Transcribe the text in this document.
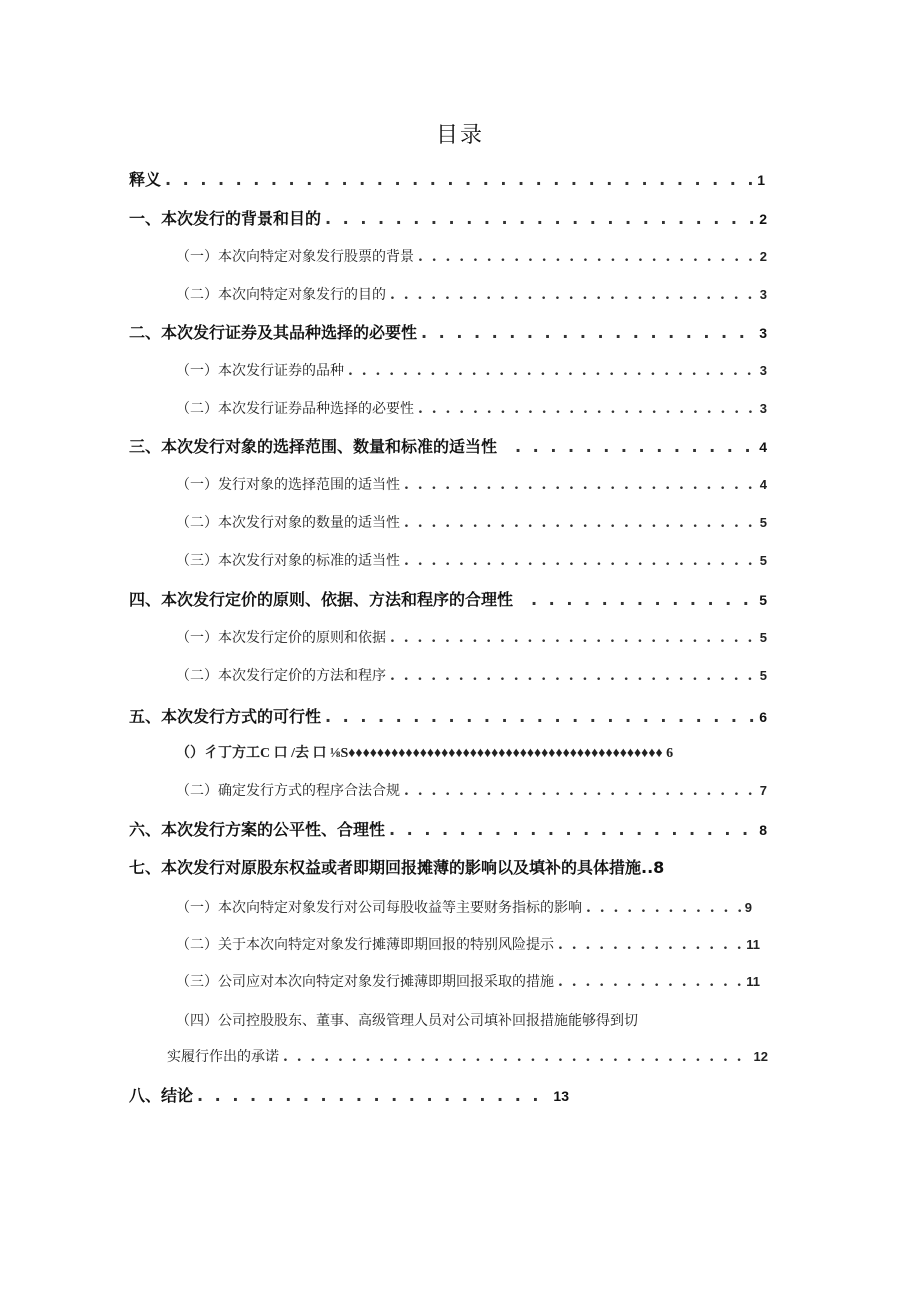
目录
释义 . . .	1
一、本次发行的背景和目的 . . .	2
（一）本次向特定对象发行股票的背景 . . .	2
（二）本次向特定对象发行的目的 . . .	3
二、本次发行证券及其品种选择的必要性 . . .	3
（一）本次发行证券的品种 . . .	3
（二）本次发行证券品种选择的必要性 . . .	3
三、本次发行对象的选择范围、数量和标准的适当性 . . .	4
（一）发行对象的选择范围的适当性 . . .	4
（二）本次发行对象的数量的适当性 . . .	5
（三）本次发行对象的标准的适当性 . . .	5
四、本次发行定价的原则、依据、方法和程序的合理性 . . .	5
（一）本次发行定价的原则和依据 . . .	5
（二）本次发行定价的方法和程序 . . .	5
五、本次发行方式的可行性 . . .	6
（）彳丁方工C 口 /去 口 ⅛S♦♦♦♦♦♦♦♦♦♦♦♦♦♦♦♦♦♦♦♦♦♦♦♦♦♦♦♦♦♦♦♦♦♦♦♦♦♦♦♦♦♦♦♦ 6
（二）确定发行方式的程序合法合规 . . .	7
六、本次发行方案的公平性、合理性 . . .	8
七、本次发行对原股东权益或者即期回报摊薄的影响以及填补的具体措施..8
（一）本次向特定对象发行对公司每股收益等主要财务指标的影响 . . .	9
（二）关于本次向特定对象发行摊薄即期回报的特别风险提示 . . .	11
（三）公司应对本次向特定对象发行摊薄即期回报采取的措施 . . .	11
（四）公司控股股东、董事、高级管理人员对公司填补回报措施能够得到切
实履行作出的承诺 . . .	12
八、结论 . . .	13
